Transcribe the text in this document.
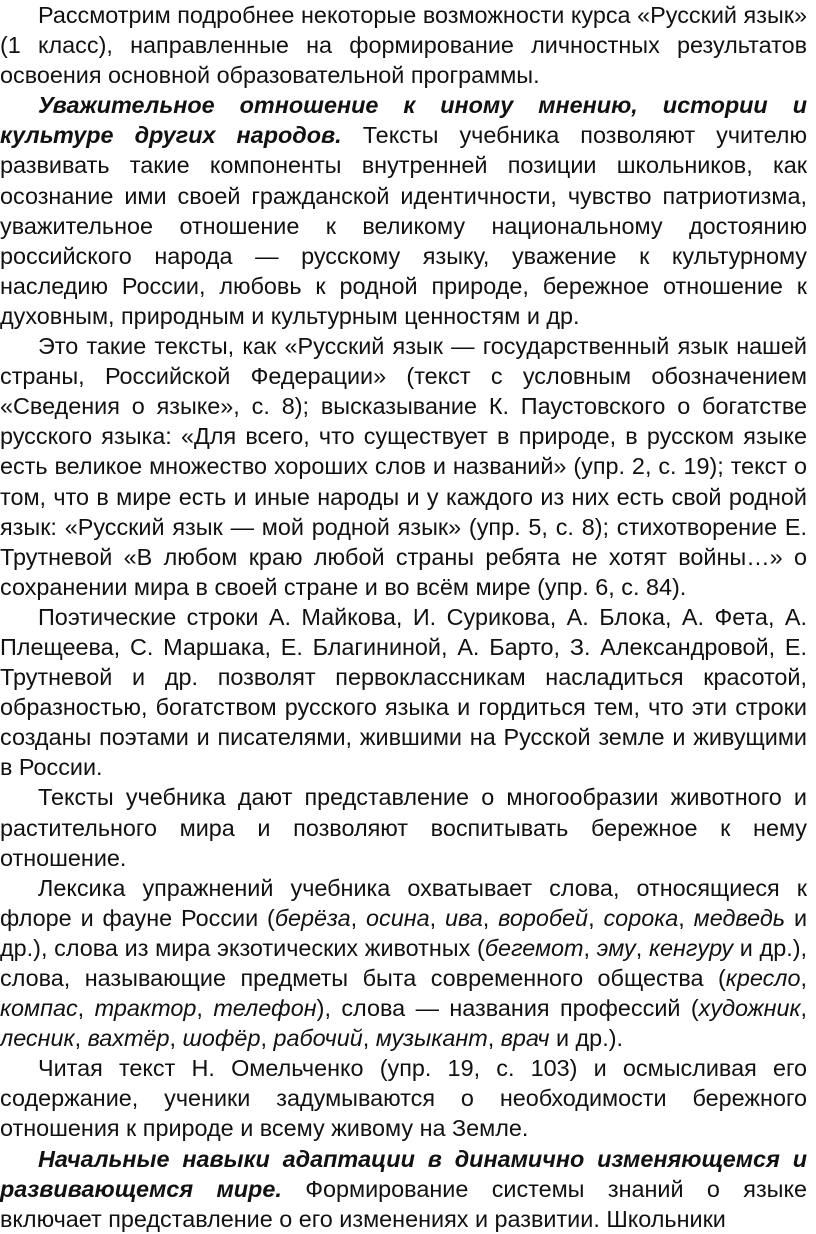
Рассмотрим подробнее некоторые возможности курса «Русский язык» (1 класс), направленные на формирование личностных результатов освоения основной образовательной программы.

Уважительное отношение к иному мнению, истории и культуре других народов. Тексты учебника позволяют учителю развивать такие компоненты внутренней позиции школьников, как осознание ими своей гражданской идентичности, чувство патриотизма, уважительное отношение к великому национальному достоянию российского народа — русскому языку, уважение к культурному наследию России, любовь к родной природе, бережное отношение к духовным, природным и культурным ценностям и др.

Это такие тексты, как «Русский язык — государственный язык нашей страны, Российской Федерации» (текст с условным обозначением «Сведения о языке», с. 8); высказывание К. Паустовского о богатстве русского языка: «Для всего, что существует в природе, в русском языке есть великое множество хороших слов и названий» (упр. 2, с. 19); текст о том, что в мире есть и иные народы и у каждого из них есть свой родной язык: «Русский язык — мой родной язык» (упр. 5, с. 8); стихотворение Е. Трутневой «В любом краю любой страны ребята не хотят войны…» о сохранении мира в своей стране и во всём мире (упр. 6, с. 84).

Поэтические строки А. Майкова, И. Сурикова, А. Блока, А. Фета, А. Плещеева, С. Маршака, Е. Благининой, А. Барто, З. Александровой, Е. Трутневой и др. позволят первоклассникам насладиться красотой, образностью, богатством русского языка и гордиться тем, что эти строки созданы поэтами и писателями, жившими на Русской земле и живущими в России.

Тексты учебника дают представление о многообразии животного и растительного мира и позволяют воспитывать бережное к нему отношение.

Лексика упражнений учебника охватывает слова, относящиеся к флоре и фауне России (берёза, осина, ива, воробей, сорока, медведь и др.), слова из мира экзотических животных (бегемот, эму, кенгуру и др.), слова, называющие предметы быта современного общества (кресло, компас, трактор, телефон), слова — названия профессий (художник, лесник, вахтёр, шофёр, рабочий, музыкант, врач и др.).

Читая текст Н. Омельченко (упр. 19, с. 103) и осмысливая его содержание, ученики задумываются о необходимости бережного отношения к природе и всему живому на Земле.

Начальные навыки адаптации в динамично изменяющемся и развивающемся мире. Формирование системы знаний о языке включает представление о его изменениях и развитии. Школьники
